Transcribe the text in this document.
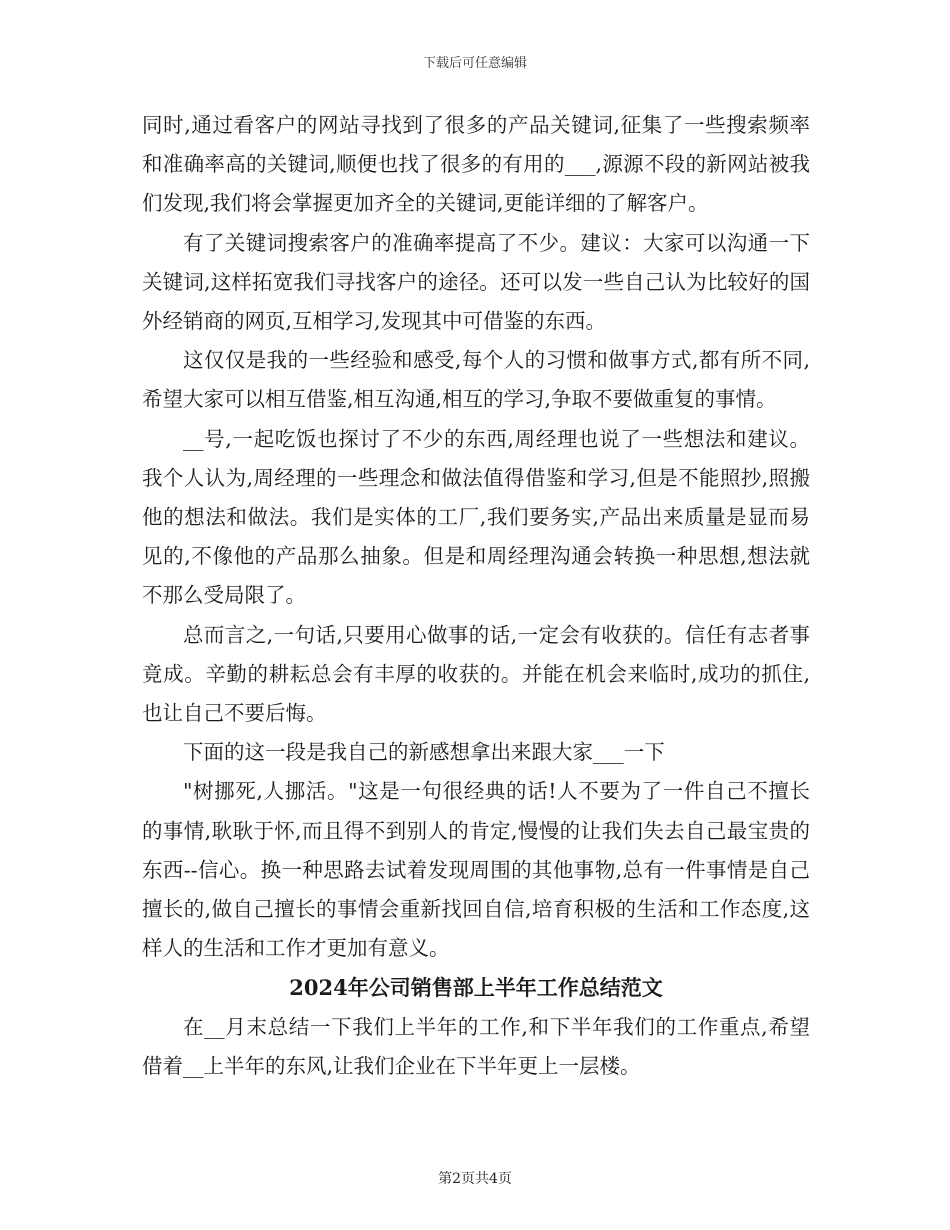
下载后可任意编辑

同时,通过看客户的网站寻找到了很多的产品关键词,征集了一些搜索频率和准确率高的关键词,顺便也找了很多的有用的___,源源不段的新网站被我们发现,我们将会掌握更加齐全的关键词,更能详细的了解客户。

有了关键词搜索客户的准确率提高了不少。建议：大家可以沟通一下关键词,这样拓宽我们寻找客户的途径。还可以发一些自己认为比较好的国外经销商的网页,互相学习,发现其中可借鉴的东西。

这仅仅是我的一些经验和感受,每个人的习惯和做事方式,都有所不同,希望大家可以相互借鉴,相互沟通,相互的学习,争取不要做重复的事情。

__号,一起吃饭也探讨了不少的东西,周经理也说了一些想法和建议。我个人认为,周经理的一些理念和做法值得借鉴和学习,但是不能照抄,照搬他的想法和做法。我们是实体的工厂,我们要务实,产品出来质量是显而易见的,不像他的产品那么抽象。但是和周经理沟通会转换一种思想,想法就不那么受局限了。

总而言之,一句话,只要用心做事的话,一定会有收获的。信任有志者事竟成。辛勤的耕耘总会有丰厚的收获的。并能在机会来临时,成功的抓住,也让自己不要后悔。

下面的这一段是我自己的新感想拿出来跟大家___一下

"树挪死,人挪活。"这是一句很经典的话!人不要为了一件自己不擅长的事情,耿耿于怀,而且得不到别人的肯定,慢慢的让我们失去自己最宝贵的东西--信心。换一种思路去试着发现周围的其他事物,总有一件事情是自己擅长的,做自己擅长的事情会重新找回自信,培育积极的生活和工作态度,这样人的生活和工作才更加有意义。

2024年公司销售部上半年工作总结范文

在__月末总结一下我们上半年的工作,和下半年我们的工作重点,希望借着__上半年的东风,让我们企业在下半年更上一层楼。

第2页共4页
